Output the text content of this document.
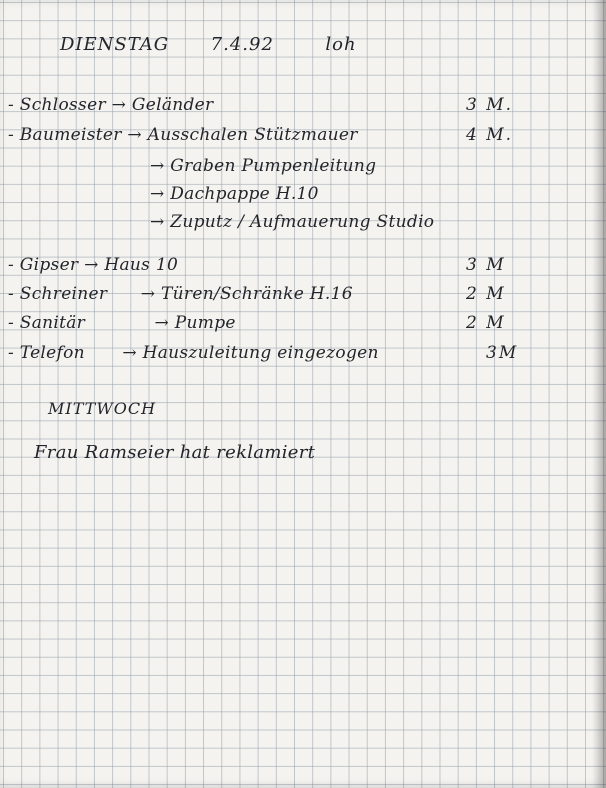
DIENSTAG 7.4.92	loh
- Schlosser → Geländer	3 M.
- Baumeister → Ausschalen Stützmauer	4 M.
→ Graben Pumpenleitung
→ Dachpappe H.10
→ Zuputz / Aufmauerung Studio
- Gipser → Haus 10	3 M
- Schreiner → Türen/Schränke H.16	2 M
- Sanitär	→ Pumpe	2 M
- Telefon → Hauszuleitung eingezogen	3M
MITTWOCH
Frau Ramseier hat reklamiert
